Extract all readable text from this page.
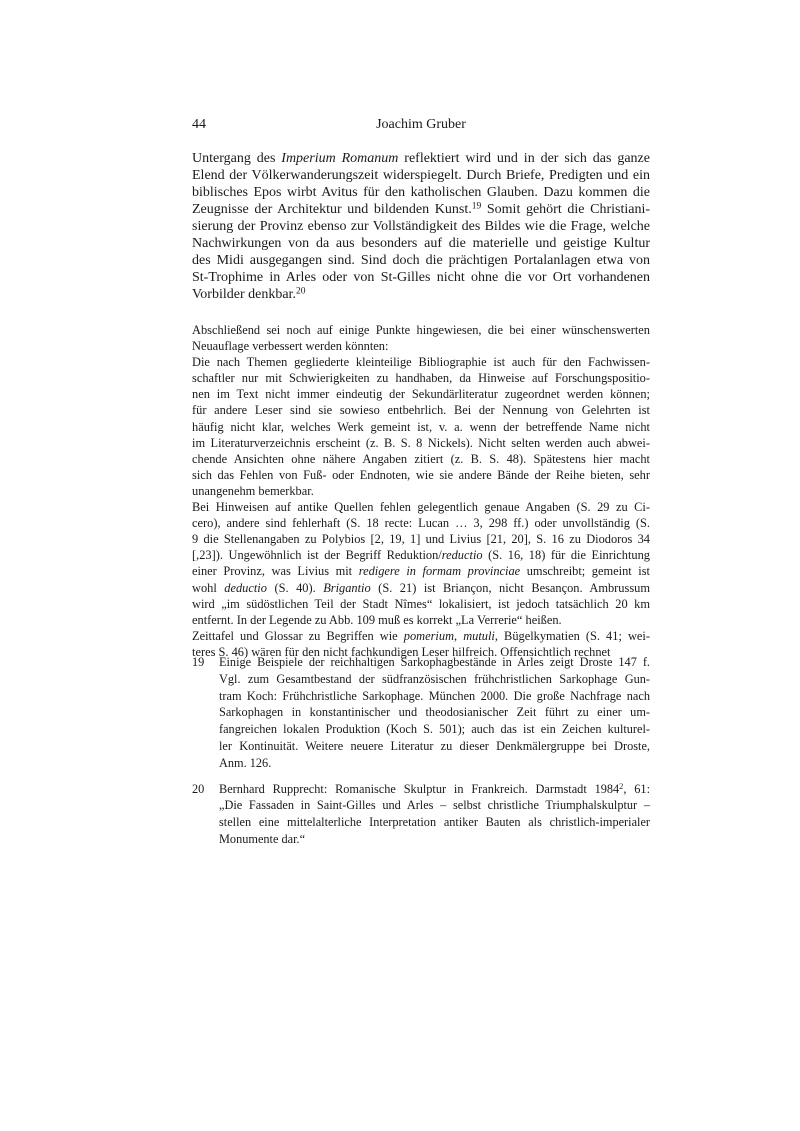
44	Joachim Gruber
Untergang des Imperium Romanum reflektiert wird und in der sich das ganze
Elend der Völkerwanderungszeit widerspiegelt. Durch Briefe, Predigten und ein
biblisches Epos wirbt Avitus für den katholischen Glauben. Dazu kommen die
Zeugnisse der Architektur und bildenden Kunst.$^{19}$ Somit gehört die Christiani-
sierung der Provinz ebenso zur Vollständigkeit des Bildes wie die Frage, welche
Nachwirkungen von da aus besonders auf die materielle und geistige Kultur
des Midi ausgegangen sind. Sind doch die prächtigen Portalanlagen etwa von
St-Trophime in Arles oder von St-Gilles nicht ohne die vor Ort vorhandenen
Vorbilder denkbar.$^{20}$
Abschließend sei noch auf einige Punkte hingewiesen, die bei einer wünschenswerten
Neuauflage verbessert werden könnten:
Die nach Themen gegliederte kleinteilige Bibliographie ist auch für den Fachwissen-
schaftler nur mit Schwierigkeiten zu handhaben, da Hinweise auf Forschungspositio-
nen im Text nicht immer eindeutig der Sekundärliteratur zugeordnet werden können;
für andere Leser sind sie sowieso entbehrlich. Bei der Nennung von Gelehrten ist
häufig nicht klar, welches Werk gemeint ist, v. a. wenn der betreffende Name nicht
im Literaturverzeichnis erscheint (z. B. S. 8 Nickels). Nicht selten werden auch abwei-
chende Ansichten ohne nähere Angaben zitiert (z. B. S. 48). Spätestens hier macht
sich das Fehlen von Fuß- oder Endnoten, wie sie andere Bände der Reihe bieten, sehr
unangenehm bemerkbar.
Bei Hinweisen auf antike Quellen fehlen gelegentlich genaue Angaben (S. 29 zu Ci-
cero), andere sind fehlerhaft (S. 18 recte: Lucan … 3, 298 ff.) oder unvollständig (S.
9 die Stellenangaben zu Polybios [2, 19, 1] und Livius [21, 20], S. 16 zu Diodoros 34
[,23]). Ungewöhnlich ist der Begriff Reduktion/reductio (S. 16, 18) für die Einrichtung
einer Provinz, was Livius mit redigere in formam provinciae umschreibt; gemeint ist
wohl deductio (S. 40). Brigantio (S. 21) ist Briançon, nicht Besançon. Ambrussum
wird „im südöstlichen Teil der Stadt Nîmes“ lokalisiert, ist jedoch tatsächlich 20 km
entfernt. In der Legende zu Abb. 109 muß es korrekt „La Verrerie“ heißen.
Zeittafel und Glossar zu Begriffen wie pomerium, mutuli, Bügelkymatien (S. 41; wei-
teres S. 46) wären für den nicht fachkundigen Leser hilfreich. Offensichtlich rechnet
19 Einige Beispiele der reichhaltigen Sarkophagbestände in Arles zeigt Droste 147 f.
Vgl. zum Gesamtbestand der südfranzösischen frühchristlichen Sarkophage Gun-
tram Koch: Frühchristliche Sarkophage. München 2000. Die große Nachfrage nach
Sarkophagen in konstantinischer und theodosianischer Zeit führt zu einer um-
fangreichen lokalen Produktion (Koch S. 501); auch das ist ein Zeichen kulturel-
ler Kontinuität. Weitere neuere Literatur zu dieser Denkmälergruppe bei Droste,
Anm. 126.
20 Bernhard Rupprecht: Romanische Skulptur in Frankreich. Darmstadt 1984$^2$, 61:
„Die Fassaden in Saint-Gilles und Arles – selbst christliche Triumphalskulptur –
stellen eine mittelalterliche Interpretation antiker Bauten als christlich-imperialer
Monumente dar.“
